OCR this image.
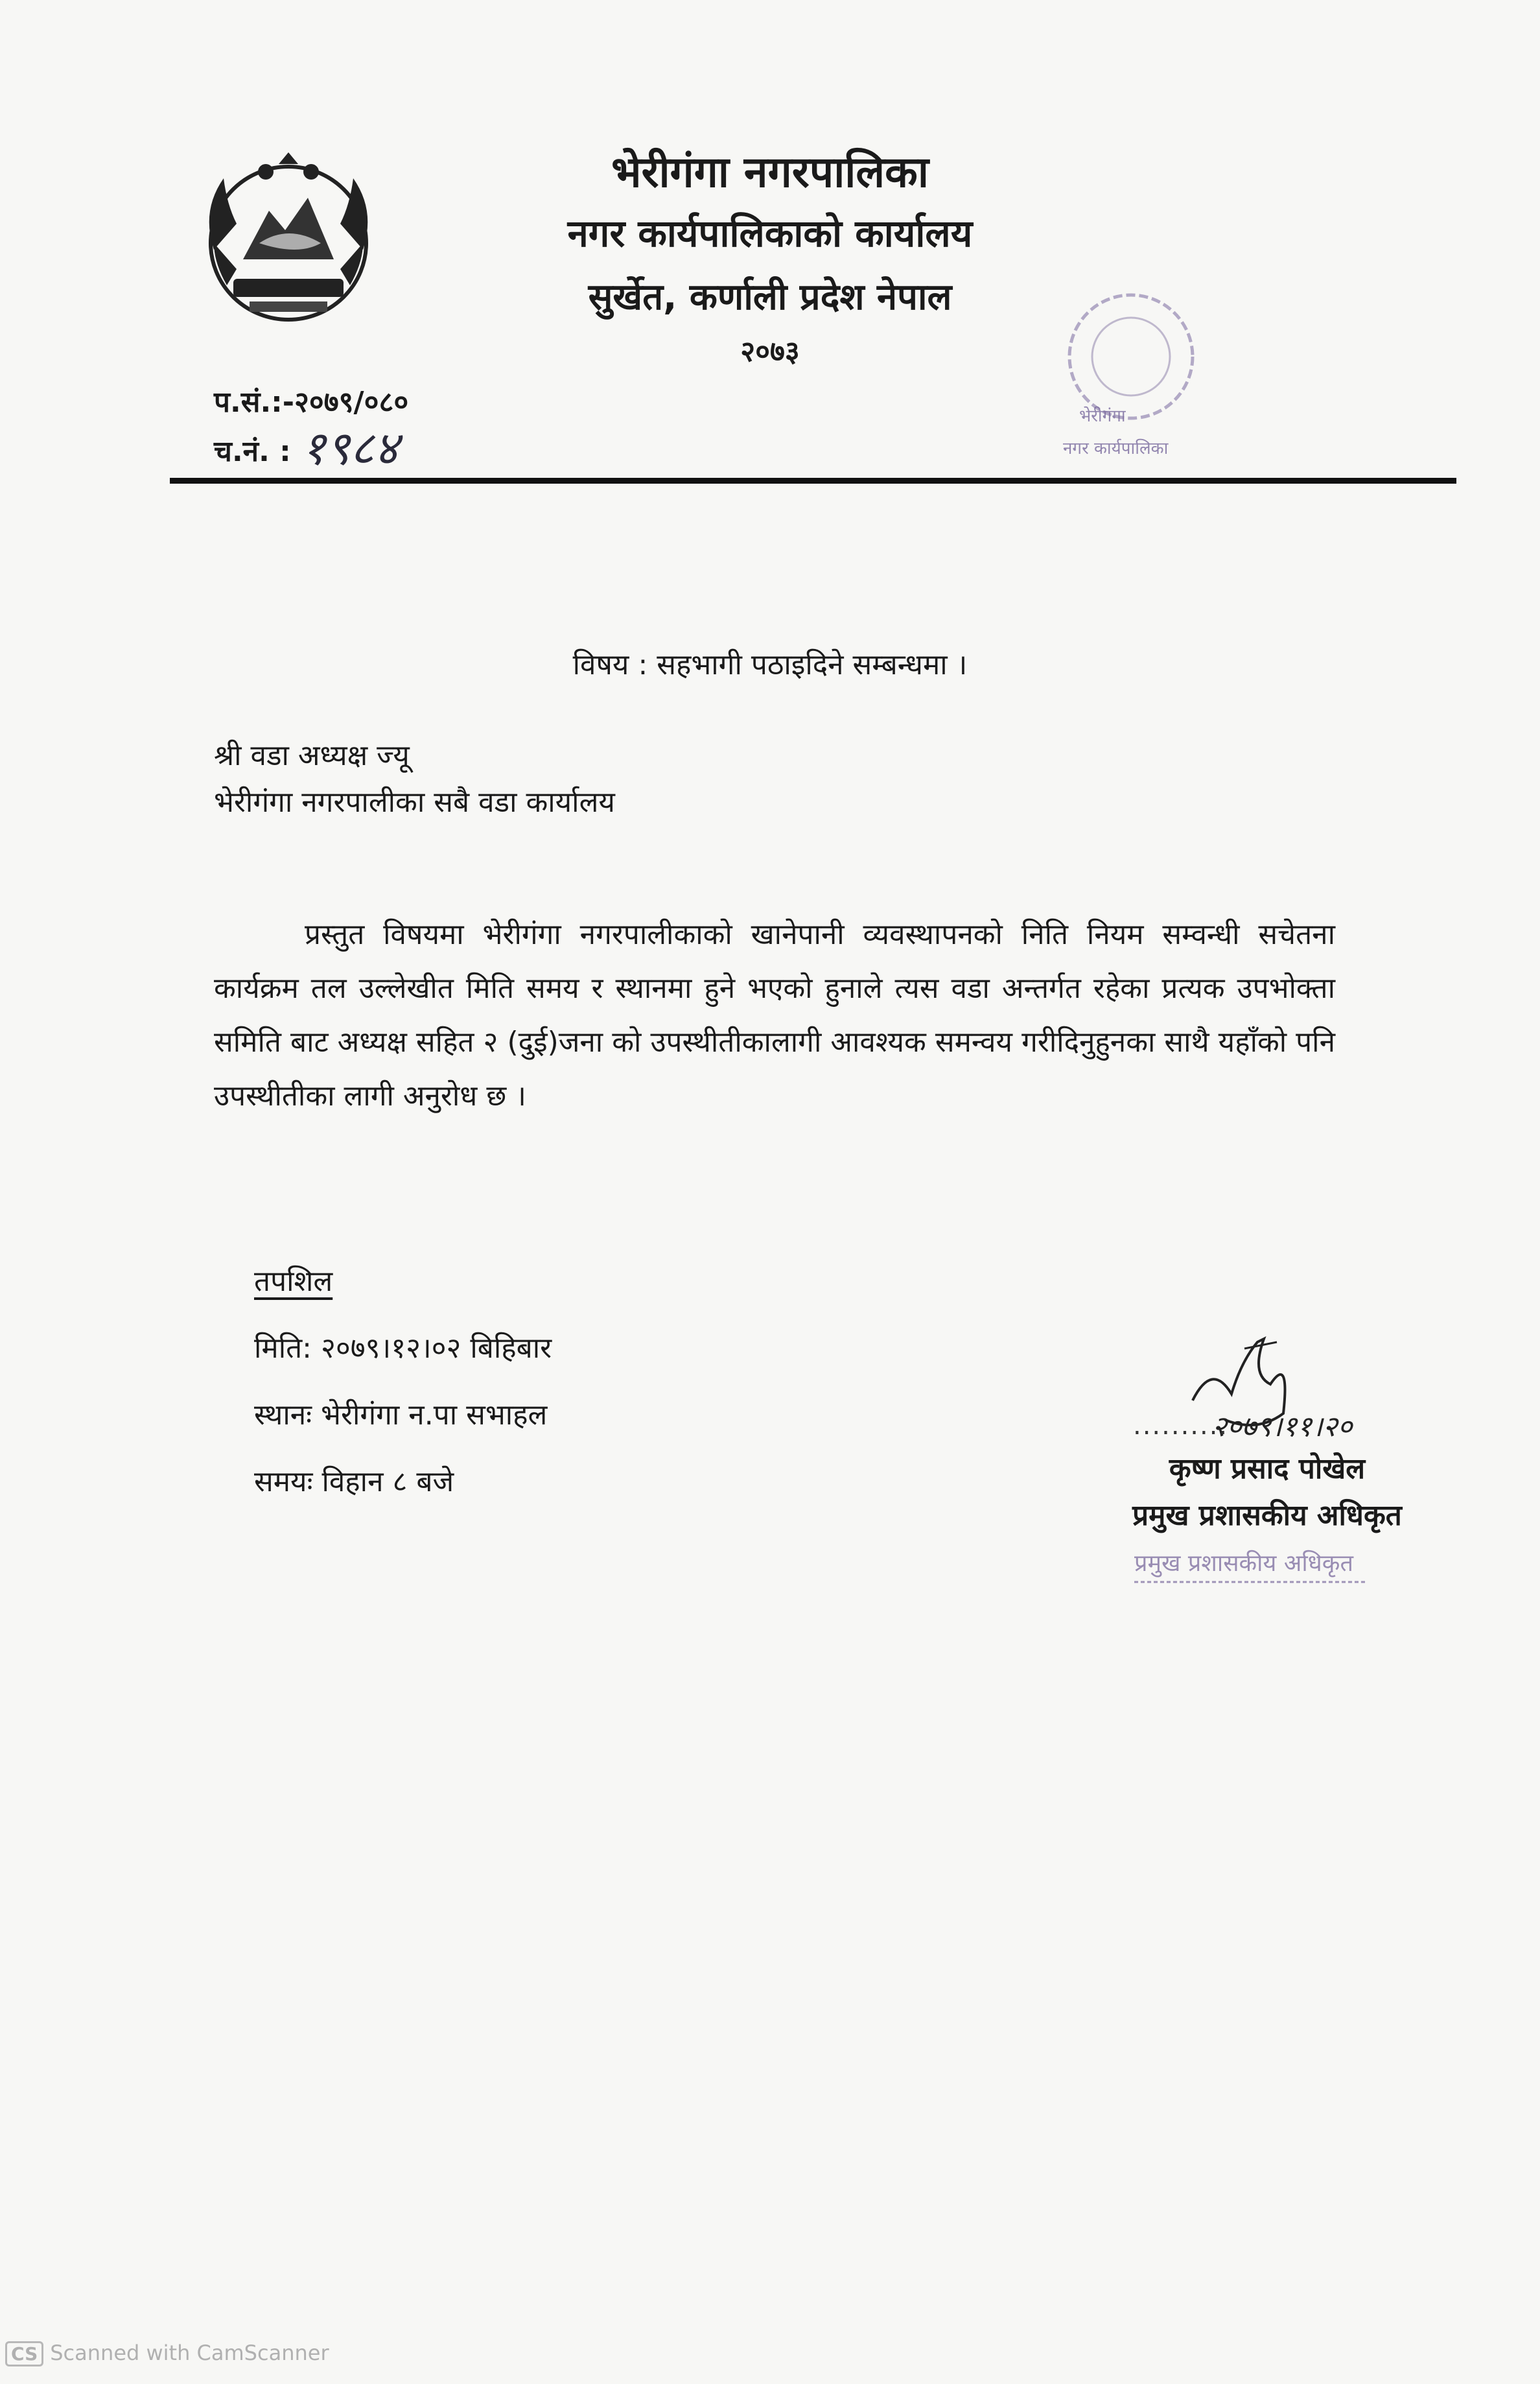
भेरीगंगा नगरपालिका
नगर कार्यपालिकाको कार्यालय
सुर्खेत, कर्णाली प्रदेश नेपाल
२०७३
प.सं.:-२०७९/०८०
च.नं. : १९८४
भेरीगंगा
नगर कार्यपालिका
विषय : सहभागी पठाइदिने सम्बन्धमा ।
श्री वडा अध्यक्ष ज्यू
भेरीगंगा नगरपालीका सबै वडा कार्यालय
प्रस्तुत विषयमा भेरीगंगा नगरपालीकाको खानेपानी व्यवस्थापनको निति नियम सम्वन्धी सचेतना कार्यक्रम तल उल्लेखीत मिति समय र स्थानमा हुने भएको हुनाले त्यस वडा अन्तर्गत रहेका प्रत्यक उपभोक्ता समिति बाट अध्यक्ष सहित २ (दुई)जना को उपस्थीतीकालागी आवश्यक समन्वय गरीदिनुहुनका साथै यहाँको पनि उपस्थीतीका लागी अनुरोध छ ।
तपशिल
मिति: २०७९।१२।०२ बिहिबार
स्थानः भेरीगंगा न.पा सभाहल
समयः विहान ८ बजे
२०७९।११।२०
..........
कृष्ण प्रसाद पोखेल
प्रमुख प्रशासकीय अधिकृत
प्रमुख प्रशासकीय अधिकृत
CS Scanned with CamScanner
